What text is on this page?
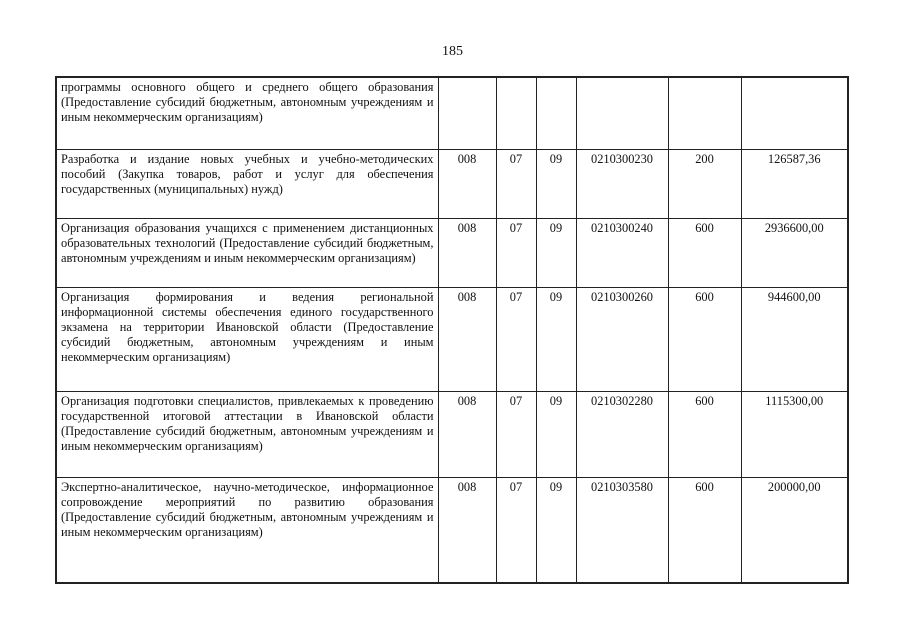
185
программы основного общего и среднего общего образования (Предоставление субсидий бюджетным, автономным учреждениям и иным некоммерческим организациям)						
Разработка и издание новых учебных и учебно-методических пособий (Закупка товаров, работ и услуг для обеспечения государственных (муниципальных) нужд)	008	07	09	0210300230	200	126587,36
Организация образования учащихся с применением дистанционных образовательных технологий (Предоставление субсидий бюджетным, автономным учреждениям и иным некоммерческим организациям)	008	07	09	0210300240	600	2936600,00
Организация формирования и ведения региональной информационной системы обеспечения единого государственного экзамена на территории Ивановской области (Предоставление субсидий бюджетным, автономным учреждениям и иным некоммерческим организациям)	008	07	09	0210300260	600	944600,00
Организация подготовки специалистов, привлекаемых к проведению государственной итоговой аттестации в Ивановской области (Предоставление субсидий бюджетным, автономным учреждениям и иным некоммерческим организациям)	008	07	09	0210302280	600	1115300,00
Экспертно-аналитическое, научно-методическое, информационное сопровождение мероприятий по развитию образования (Предоставление субсидий бюджетным, автономным учреждениям и иным некоммерческим организациям)	008	07	09	0210303580	600	200000,00
